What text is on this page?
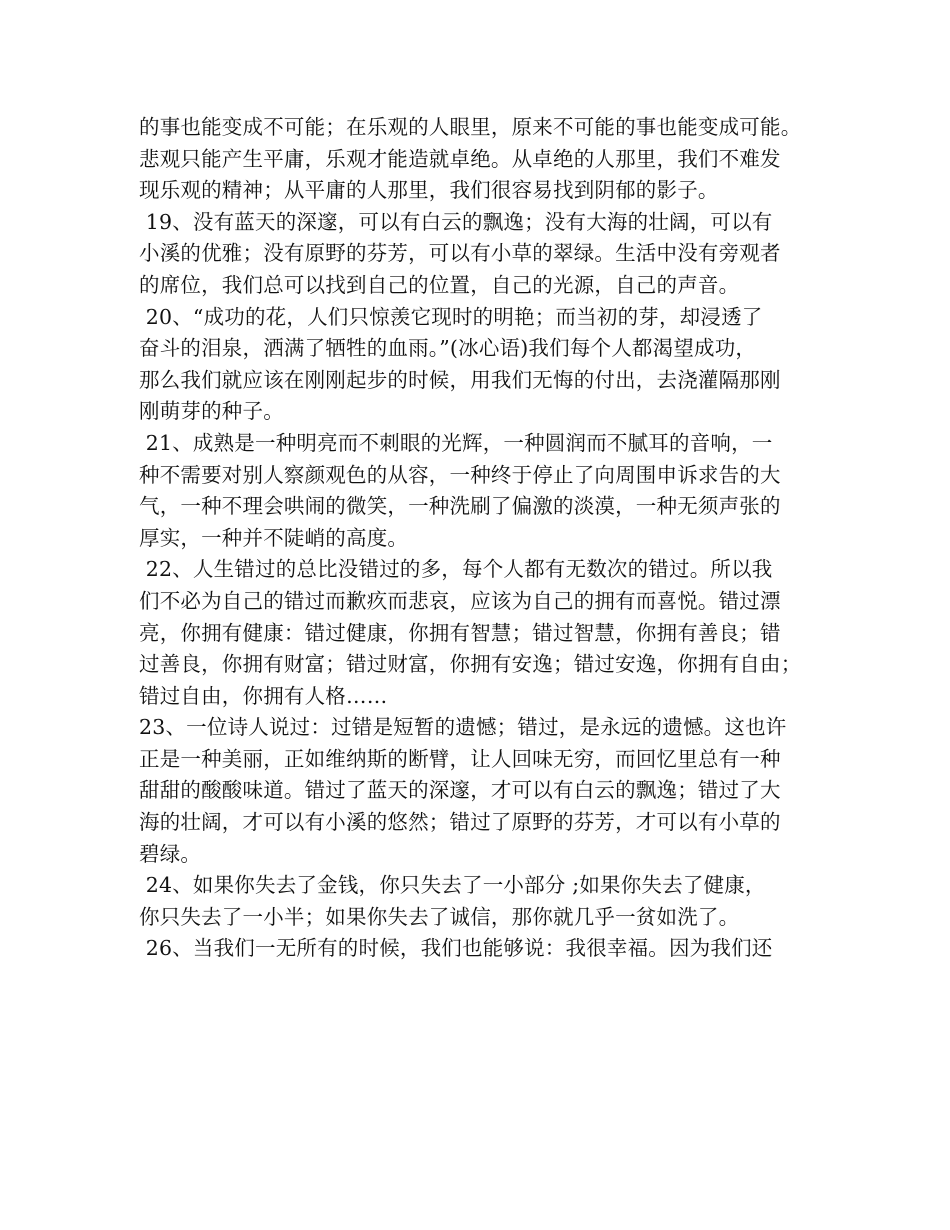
的事也能变成不可能；在乐观的人眼里，原来不可能的事也能变成可能。
悲观只能产生平庸，乐观才能造就卓绝。从卓绝的人那里，我们不难发
现乐观的精神；从平庸的人那里，我们很容易找到阴郁的影子。
19、没有蓝天的深邃，可以有白云的飘逸；没有大海的壮阔，可以有
小溪的优雅；没有原野的芬芳，可以有小草的翠绿。生活中没有旁观者
的席位，我们总可以找到自己的位置，自己的光源，自己的声音。
20、“成功的花，人们只惊羡它现时的明艳；而当初的芽，却浸透了
奋斗的泪泉，洒满了牺牲的血雨。”(冰心语)我们每个人都渴望成功，
那么我们就应该在刚刚起步的时候，用我们无悔的付出，去浇灌隔那刚
刚萌芽的种子。
21、成熟是一种明亮而不刺眼的光辉，一种圆润而不腻耳的音响，一
种不需要对别人察颜观色的从容，一种终于停止了向周围申诉求告的大
气，一种不理会哄闹的微笑，一种洗刷了偏激的淡漠，一种无须声张的
厚实，一种并不陡峭的高度。
22、人生错过的总比没错过的多，每个人都有无数次的错过。所以我
们不必为自己的错过而歉疚而悲哀，应该为自己的拥有而喜悦。错过漂
亮，你拥有健康：错过健康，你拥有智慧；错过智慧，你拥有善良；错
过善良，你拥有财富；错过财富，你拥有安逸；错过安逸，你拥有自由；
错过自由，你拥有人格……
23、一位诗人说过：过错是短暂的遗憾；错过，是永远的遗憾。这也许
正是一种美丽，正如维纳斯的断臂，让人回味无穷，而回忆里总有一种
甜甜的酸酸味道。错过了蓝天的深邃，才可以有白云的飘逸；错过了大
海的壮阔，才可以有小溪的悠然；错过了原野的芬芳，才可以有小草的
碧绿。
24、如果你失去了金钱，你只失去了一小部分 ;如果你失去了健康，
你只失去了一小半；如果你失去了诚信，那你就几乎一贫如洗了。
26、当我们一无所有的时候，我们也能够说：我很幸福。因为我们还
